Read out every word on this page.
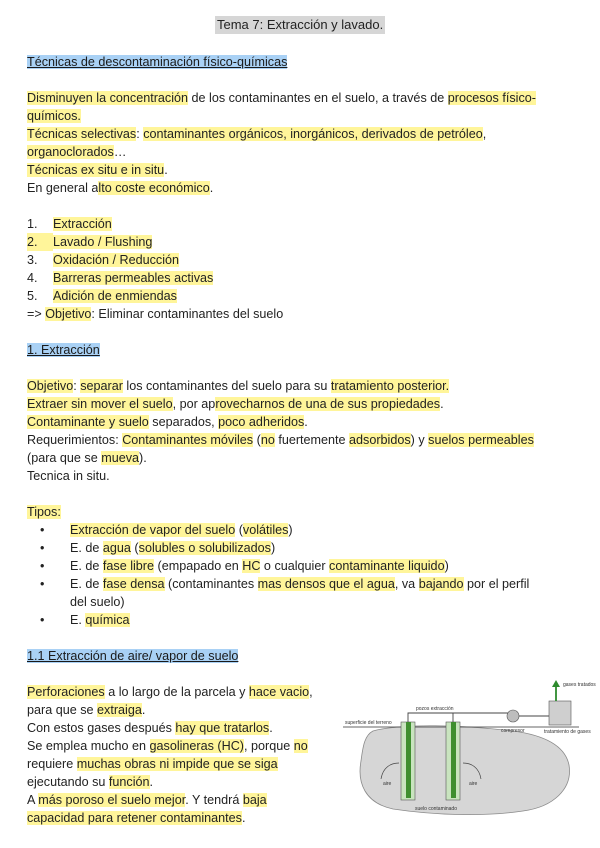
Tema 7: Extracción y lavado.
Técnicas de descontaminación físico-químicas
Disminuyen la concentración de los contaminantes en el suelo, a través de procesos físico-
químicos.
Técnicas selectivas: contaminantes orgánicos, inorgánicos, derivados de petróleo,
organoclorados…
Técnicas ex situ e in situ.
En general alto coste económico.
1. Extracción
2. Lavado / Flushing
3. Oxidación / Reducción
4. Barreras permeables activas
5. Adición de enmiendas
=> Objetivo: Eliminar contaminantes del suelo
1. Extracción
Objetivo: separar los contaminantes del suelo para su tratamiento posterior.
Extraer sin mover el suelo, por aprovecharnos de una de sus propiedades.
Contaminante y suelo separados, poco adheridos.
Requerimientos: Contaminantes móviles (no fuertemente adsorbidos) y suelos permeables
(para que se mueva).
Tecnica in situ.
Tipos:
• Extracción de vapor del suelo (volátiles)
• E. de agua (solubles o solubilizados)
• E. de fase libre (empapado en HC o cualquier contaminante liquido)
• E. de fase densa (contaminantes mas densos que el agua, va bajando por el perfil
del suelo)
• E. química
1.1 Extracción de aire/ vapor de suelo
Perforaciones a lo largo de la parcela y hace vacio,
para que se extraiga.
Con estos gases después hay que tratarlos.
Se emplea mucho en gasolineras (HC), porque no
requiere muchas obras ni impide que se siga
ejecutando su función.
A más poroso el suelo mejor. Y tendrá baja
capacidad para retener contaminantes.
gases tratados
pozos extracción
superficie del terreno
compresor	tratamiento de gases
aire	aire
suelo contaminado
